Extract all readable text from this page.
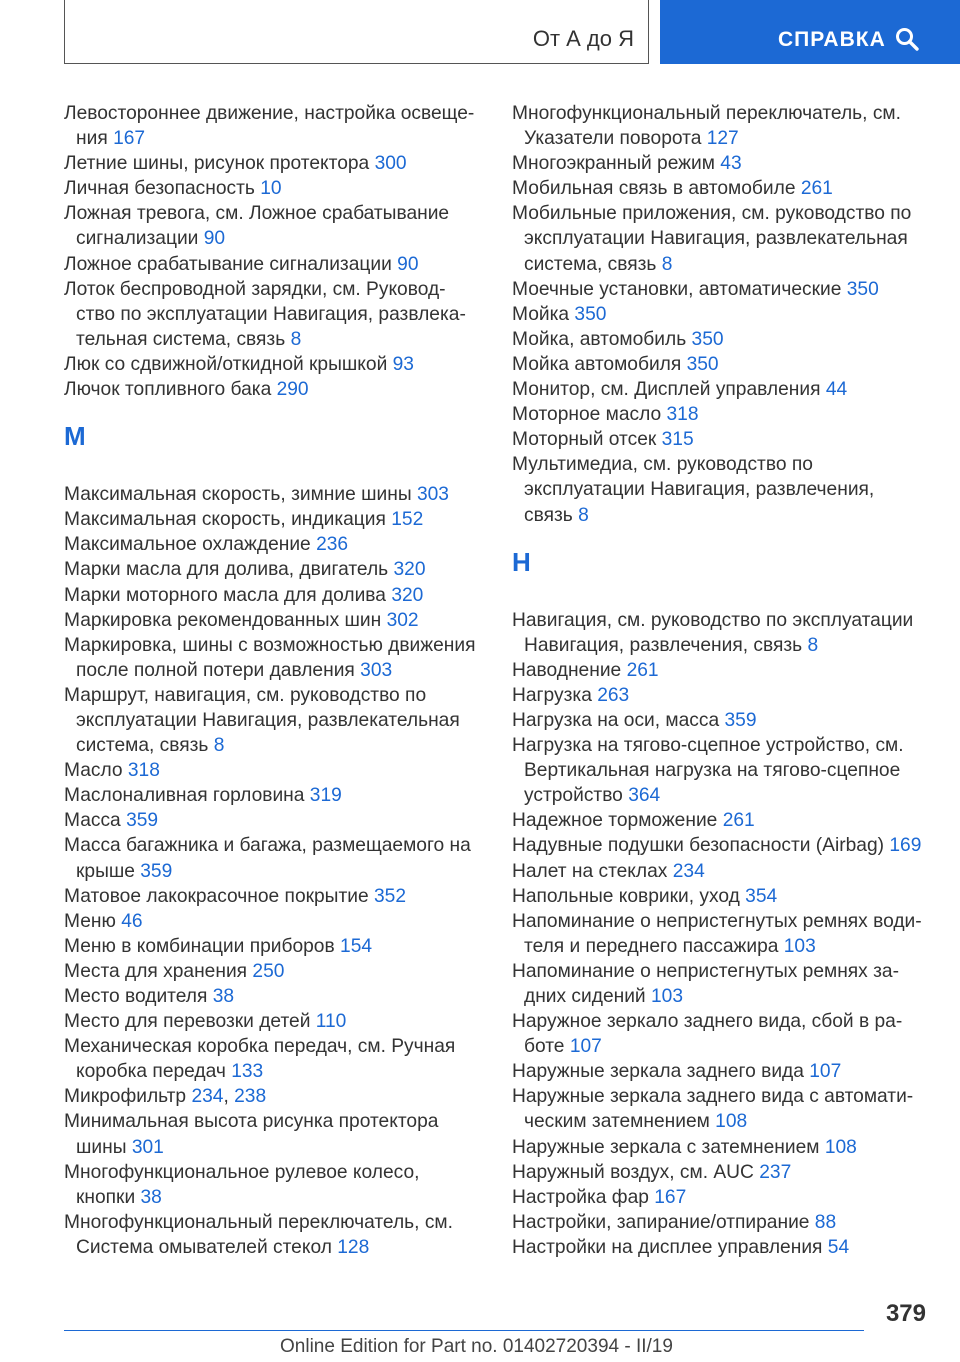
От А до Я	СПРАВКА
Левостороннее движение, настройка освеще-
ния 167
Летние шины, рисунок протектора 300
Личная безопасность 10
Ложная тревога, см. Ложное срабатывание
сигнализации 90
Ложное срабатывание сигнализации 90
Лоток беспроводной зарядки, см. Руковод-
ство по эксплуатации Навигация, развлека-
тельная система, связь 8
Люк со сдвижной/откидной крышкой 93
Лючок топливного бака 290
М
Максимальная скорость, зимние шины 303
Максимальная скорость, индикация 152
Максимальное охлаждение 236
Марки масла для долива, двигатель 320
Марки моторного масла для долива 320
Маркировка рекомендованных шин 302
Маркировка, шины с возможностью движения
после полной потери давления 303
Маршрут, навигация, см. руководство по
эксплуатации Навигация, развлекательная
система, связь 8
Масло 318
Маслоналивная горловина 319
Масса 359
Масса багажника и багажа, размещаемого на
крыше 359
Матовое лакокрасочное покрытие 352
Меню 46
Меню в комбинации приборов 154
Места для хранения 250
Место водителя 38
Место для перевозки детей 110
Механическая коробка передач, см. Ручная
коробка передач 133
Микрофильтр 234, 238
Минимальная высота рисунка протектора
шины 301
Многофункциональное рулевое колесо,
кнопки 38
Многофункциональный переключатель, см.
Система омывателей стекол 128
Многофункциональный переключатель, см.
Указатели поворота 127
Многоэкранный режим 43
Мобильная связь в автомобиле 261
Мобильные приложения, см. руководство по
эксплуатации Навигация, развлекательная
система, связь 8
Моечные установки, автоматические 350
Мойка 350
Мойка, автомобиль 350
Мойка автомобиля 350
Монитор, см. Дисплей управления 44
Моторное масло 318
Моторный отсек 315
Мультимедиа, см. руководство по
эксплуатации Навигация, развлечения,
связь 8
Н
Навигация, см. руководство по эксплуатации
Навигация, развлечения, связь 8
Наводнение 261
Нагрузка 263
Нагрузка на оси, масса 359
Нагрузка на тягово-сцепное устройство, см.
Вертикальная нагрузка на тягово-сцепное
устройство 364
Надежное торможение 261
Надувные подушки безопасности (Airbag) 169
Налет на стеклах 234
Напольные коврики, уход 354
Напоминание о непристегнутых ремнях води-
теля и переднего пассажира 103
Напоминание о непристегнутых ремнях за-
дних сидений 103
Наружное зеркало заднего вида, сбой в ра-
боте 107
Наружные зеркала заднего вида 107
Наружные зеркала заднего вида с автомати-
ческим затемнением 108
Наружные зеркала с затемнением 108
Наружный воздух, см. AUC 237
Настройка фар 167
Настройки, запирание/отпирание 88
Настройки на дисплее управления 54
379
Online Edition for Part no. 01402720394 - II/19
